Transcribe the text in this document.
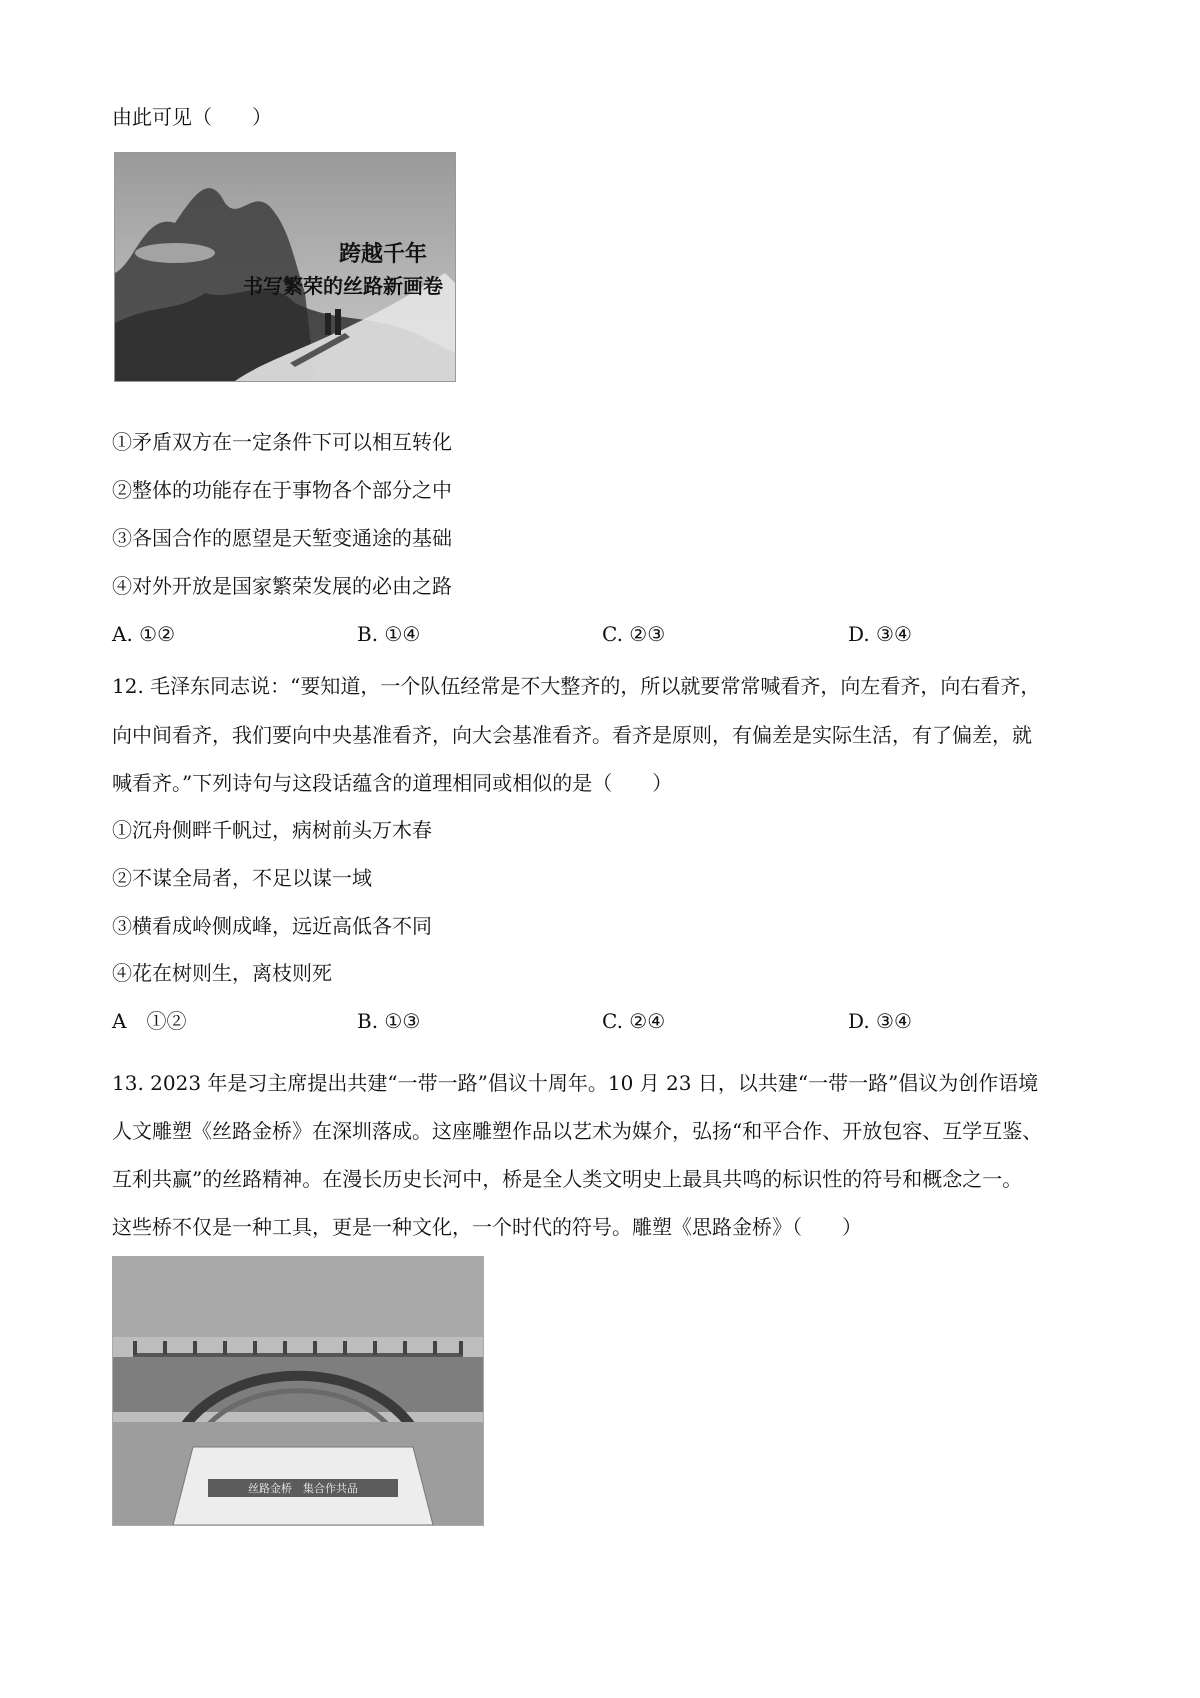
由此可见（　　）
跨越千年
书写繁荣的丝路新画卷
①矛盾双方在一定条件下可以相互转化
②整体的功能存在于事物各个部分之中
③各国合作的愿望是天堑变通途的基础
④对外开放是国家繁荣发展的必由之路
A. ①②	B. ①④	C. ②③	D. ③④
12. 毛泽东同志说：“要知道，一个队伍经常是不大整齐的，所以就要常常喊看齐，向左看齐，向右看齐，
向中间看齐，我们要向中央基准看齐，向大会基准看齐。看齐是原则，有偏差是实际生活，有了偏差，就
喊看齐。”下列诗句与这段话蕴含的道理相同或相似的是（　　）
①沉舟侧畔千帆过，病树前头万木春
②不谋全局者，不足以谋一域
③横看成岭侧成峰，远近高低各不同
④花在树则生，离枝则死
A　①②	B. ①③	C. ②④	D. ③④
13. 2023 年是习主席提出共建“一带一路”倡议十周年。10 月 23 日，以共建“一带一路”倡议为创作语境
人文雕塑《丝路金桥》在深圳落成。这座雕塑作品以艺术为媒介，弘扬“和平合作、开放包容、互学互鉴、
互利共赢”的丝路精神。在漫长历史长河中，桥是全人类文明史上最具共鸣的标识性的符号和概念之一。
这些桥不仅是一种工具，更是一种文化，一个时代的符号。雕塑《思路金桥》（　　）
丝路金桥　集合作共品
